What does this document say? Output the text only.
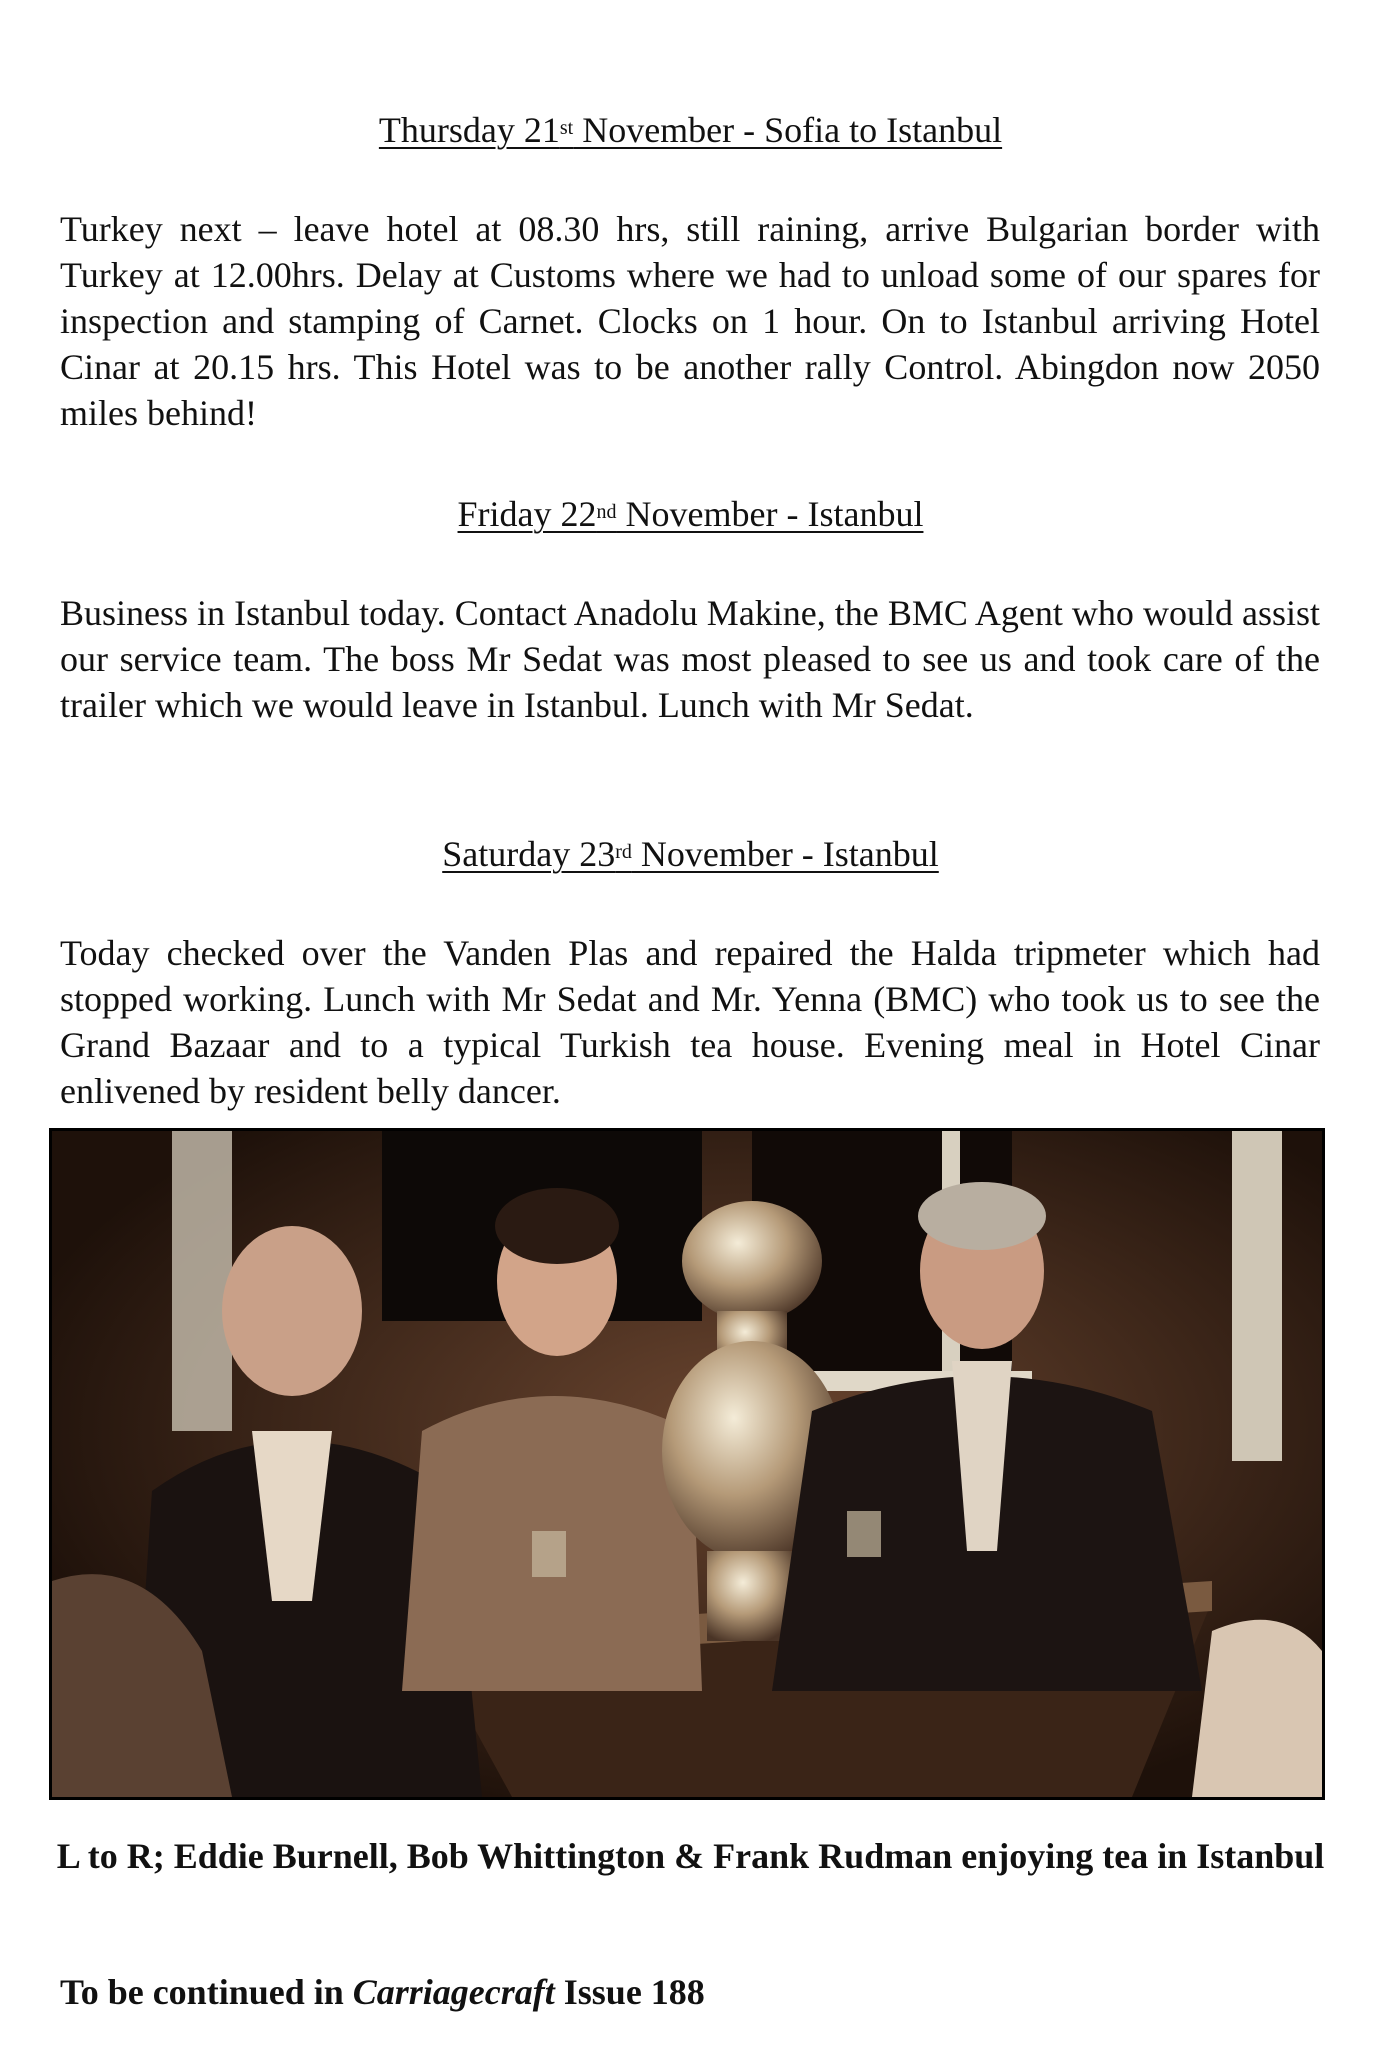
Thursday 21st November - Sofia to Istanbul

Turkey next – leave hotel at 08.30 hrs, still raining, arrive Bulgarian border with Turkey at 12.00hrs. Delay at Customs where we had to unload some of our spares for inspection and stamping of Carnet. Clocks on 1 hour. On to Istanbul arriving Hotel Cinar at 20.15 hrs. This Hotel was to be another rally Control. Abingdon now 2050 miles behind!

Friday 22nd November - Istanbul

Business in Istanbul today. Contact Anadolu Makine, the BMC Agent who would assist our service team. The boss Mr Sedat was most pleased to see us and took care of the trailer which we would leave in Istanbul. Lunch with Mr Sedat.

Saturday 23rd November - Istanbul

Today checked over the Vanden Plas and repaired the Halda tripmeter which had stopped working. Lunch with Mr Sedat and Mr. Yenna (BMC) who took us to see the Grand Bazaar and to a typical Turkish tea house. Evening meal in Hotel Cinar enlivened by resident belly dancer.

L to R; Eddie Burnell, Bob Whittington & Frank Rudman enjoying tea in Istanbul

To be continued in Carriagecraft Issue 188
